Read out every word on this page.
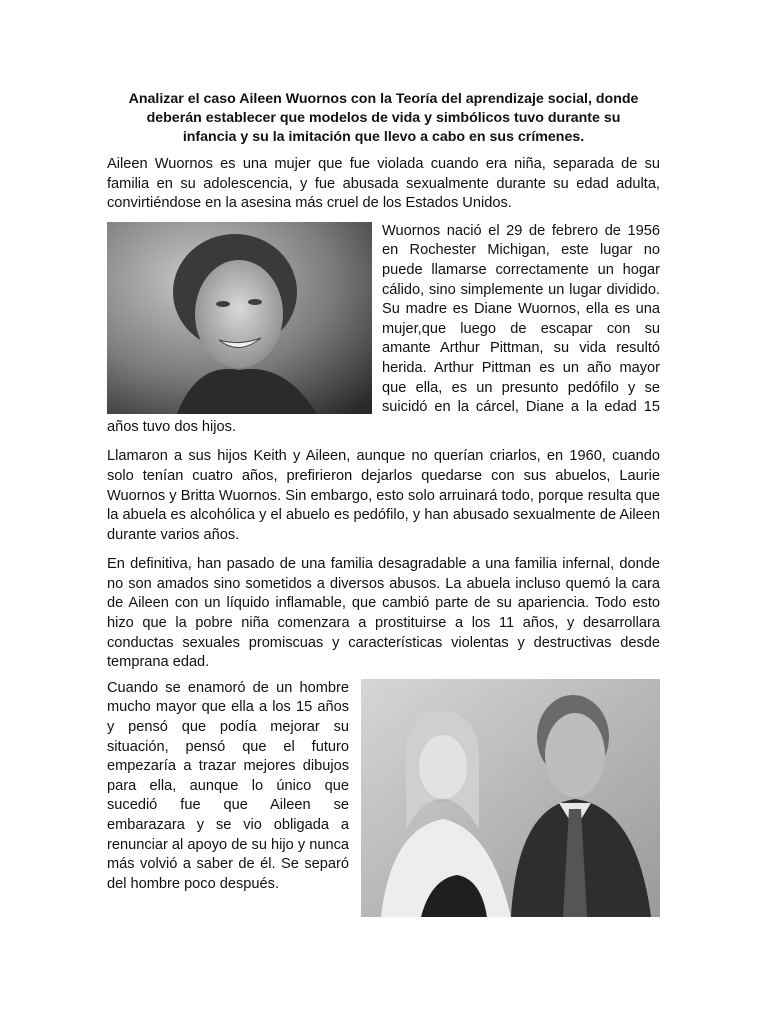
Analizar el caso Aileen Wuornos con la Teoría del aprendizaje social, donde
deberán establecer que modelos de vida y simbólicos tuvo durante su
infancia y su la imitación que llevo a cabo en sus crímenes.

Aileen Wuornos es una mujer que fue violada cuando era niña, separada de su familia en su adolescencia, y fue abusada sexualmente durante su edad adulta, convirtiéndose en la asesina más cruel de los Estados Unidos.

Wuornos nació el 29 de febrero de 1956 en Rochester Michigan, este lugar no puede llamarse correctamente un hogar cálido, sino simplemente un lugar dividido. Su madre es Diane Wuornos, ella es una mujer,que luego de escapar con su amante Arthur Pittman, su vida resultó herida. Arthur Pittman es un año mayor que ella, es un presunto pedófilo y se suicidó en la cárcel, Diane a la edad 15 años tuvo dos hijos.

Llamaron a sus hijos Keith y Aileen, aunque no querían criarlos, en 1960, cuando solo tenían cuatro años, prefirieron dejarlos quedarse con sus abuelos, Laurie Wuornos y Britta Wuornos. Sin embargo, esto solo arruinará todo, porque resulta que la abuela es alcohólica y el abuelo es pedófilo, y han abusado sexualmente de Aileen durante varios años.

En definitiva, han pasado de una familia desagradable a una familia infernal, donde no son amados sino sometidos a diversos abusos. La abuela incluso quemó la cara de Aileen con un líquido inflamable, que cambió parte de su apariencia. Todo esto hizo que la pobre niña comenzara a prostituirse a los 11 años, y desarrollara conductas sexuales promiscuas y características violentas y destructivas desde temprana edad.

Cuando se enamoró de un hombre mucho mayor que ella a los 15 años y pensó que podía mejorar su situación, pensó que el futuro empezaría a trazar mejores dibujos para ella, aunque lo único que sucedió fue que Aileen se embarazara y se vio obligada a renunciar al apoyo de su hijo y nunca más volvió a saber de él. Se separó del hombre poco después.
